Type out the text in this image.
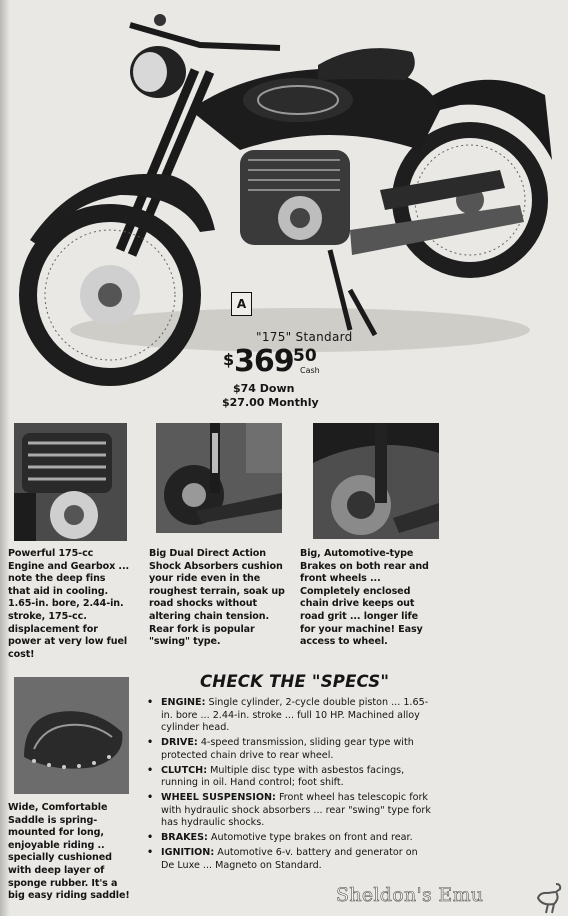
A
"175" Standard
$ 369 50
Cash
$74 Down
$27.00 Monthly
Powerful 175-cc Engine and Gearbox ... note the deep fins that aid in cooling. 1.65-in. bore, 2.44-in. stroke, 175-cc. displacement for power at very low fuel cost!
Big Dual Direct Action Shock Absorbers cushion your ride even in the roughest terrain, soak up road shocks without altering chain tension. Rear fork is popular "swing" type.
Big, Automotive-type Brakes on both rear and front wheels ... Completely enclosed chain drive keeps out road grit ... longer life for your machine! Easy access to wheel.
Wide, Comfortable Saddle is spring-mounted for long, enjoyable riding .. specially cushioned with deep layer of sponge rubber. It's a big easy riding saddle!
CHECK THE "SPECS"
• ENGINE: Single cylinder, 2-cycle double piston ... 1.65-in. bore ... 2.44-in. stroke ... full 10 HP. Machined alloy cylinder head.
• DRIVE: 4-speed transmission, sliding gear type with protected chain drive to rear wheel.
• CLUTCH: Multiple disc type with asbestos facings, running in oil. Hand control; foot shift.
• WHEEL SUSPENSION: Front wheel has telescopic fork with hydraulic shock absorbers ... rear "swing" type fork has hydraulic shocks.
• BRAKES: Automotive type brakes on front and rear.
• IGNITION: Automotive 6-v. battery and generator on De Luxe ... Magneto on Standard.
Sheldon's Emu
